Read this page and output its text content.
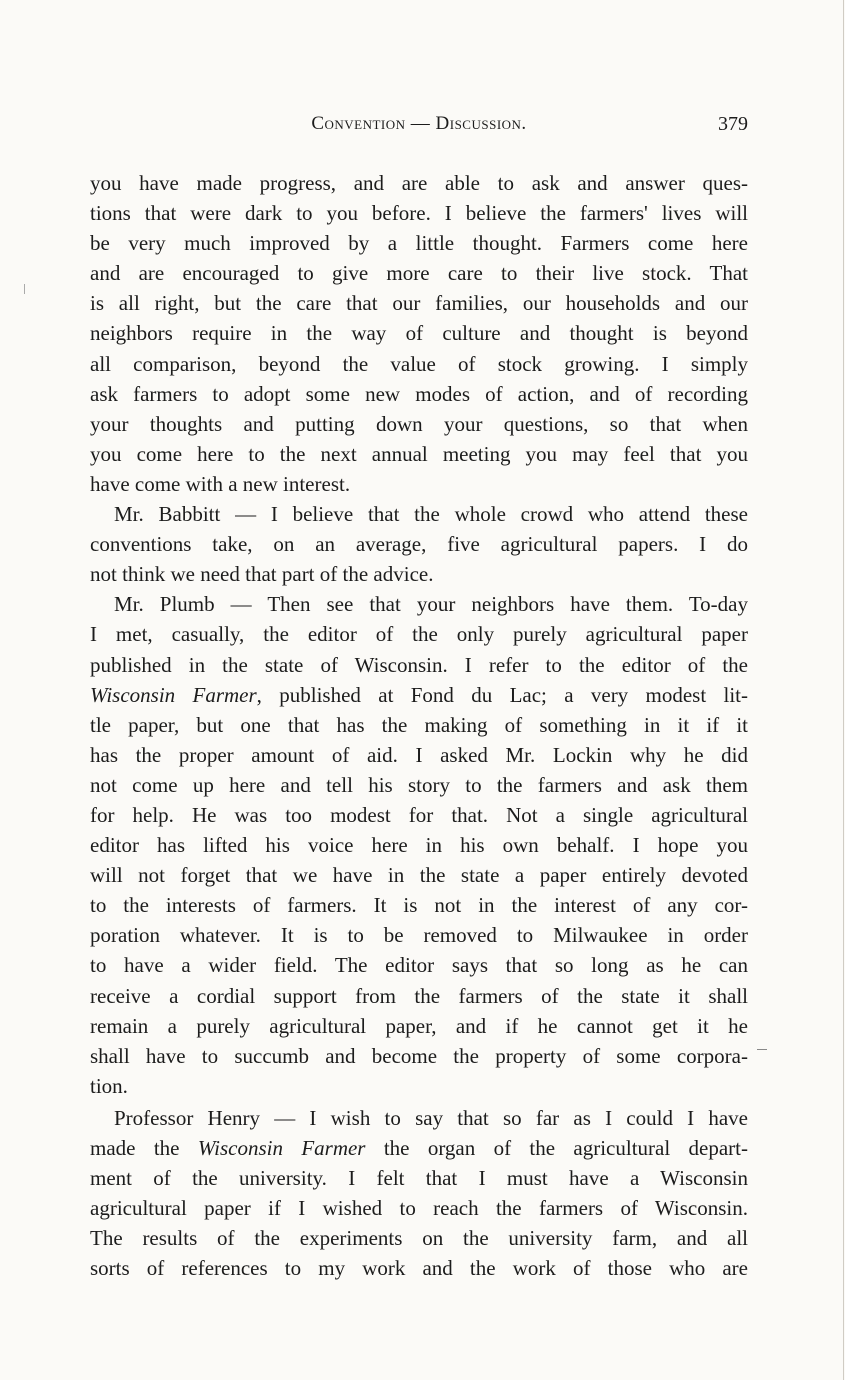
Convention — Discussion.	379
you have made progress, and are able to ask and answer ques-
tions that were dark to you before. I believe the farmers' lives will
be very much improved by a little thought. Farmers come here
and are encouraged to give more care to their live stock. That
is all right, but the care that our families, our households and our
neighbors require in the way of culture and thought is beyond
all comparison, beyond the value of stock growing. I simply
ask farmers to adopt some new modes of action, and of recording
your thoughts and putting down your questions, so that when
you come here to the next annual meeting you may feel that you
have come with a new interest.
Mr. Babbitt — I believe that the whole crowd who attend these
conventions take, on an average, five agricultural papers. I do
not think we need that part of the advice.
Mr. Plumb — Then see that your neighbors have them. To-day
I met, casually, the editor of the only purely agricultural paper
published in the state of Wisconsin. I refer to the editor of the
Wisconsin Farmer, published at Fond du Lac; a very modest lit-
tle paper, but one that has the making of something in it if it
has the proper amount of aid. I asked Mr. Lockin why he did
not come up here and tell his story to the farmers and ask them
for help. He was too modest for that. Not a single agricultural
editor has lifted his voice here in his own behalf. I hope you
will not forget that we have in the state a paper entirely devoted
to the interests of farmers. It is not in the interest of any cor-
poration whatever. It is to be removed to Milwaukee in order
to have a wider field. The editor says that so long as he can
receive a cordial support from the farmers of the state it shall
remain a purely agricultural paper, and if he cannot get it he
shall have to succumb and become the property of some corpora-
tion.
Professor Henry — I wish to say that so far as I could I have
made the Wisconsin Farmer the organ of the agricultural depart-
ment of the university. I felt that I must have a Wisconsin
agricultural paper if I wished to reach the farmers of Wisconsin.
The results of the experiments on the university farm, and all
sorts of references to my work and the work of those who are
